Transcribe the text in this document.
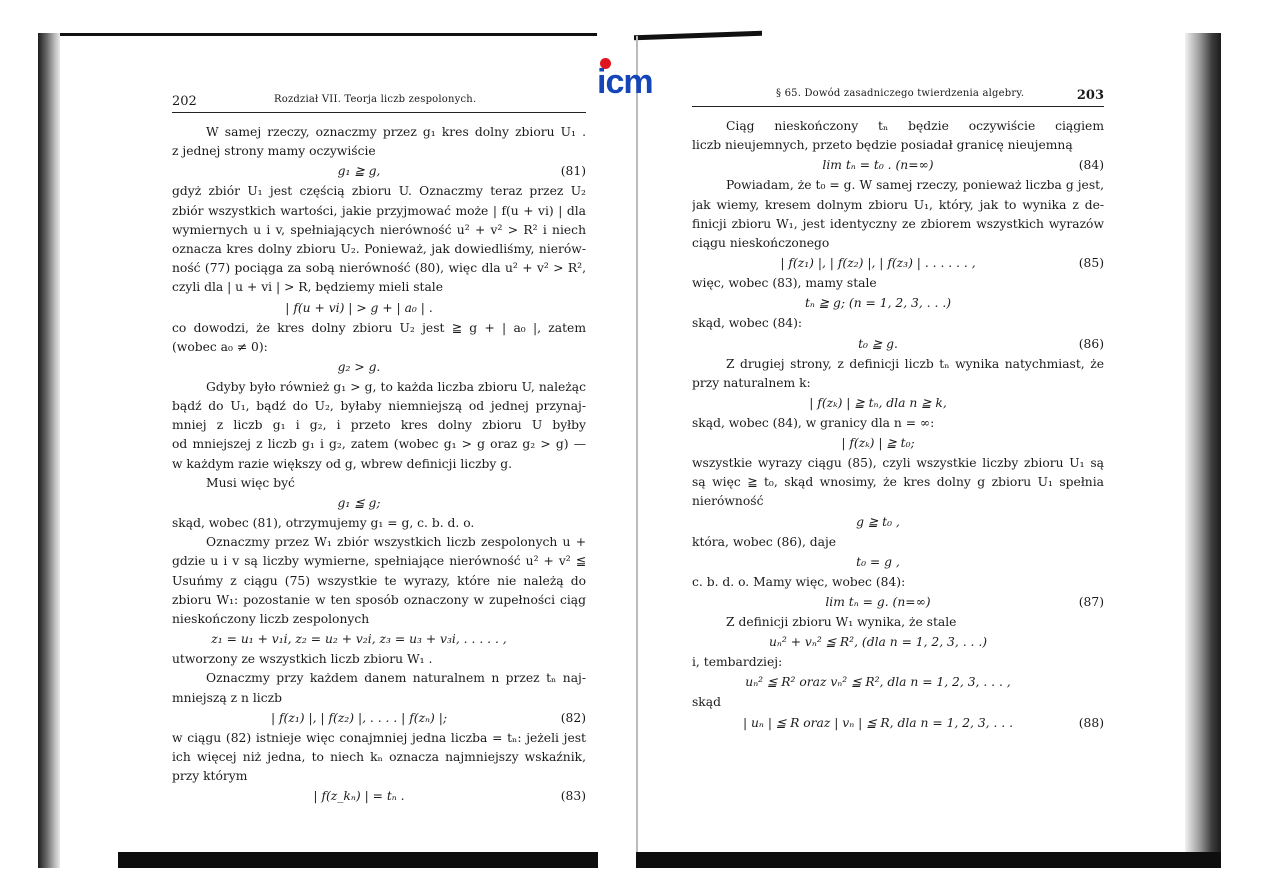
icm
202	Rozdział VII. Teorja liczb zespolonych.
W samej rzeczy, oznaczmy przez g₁ kres dolny zbioru U₁ .
z jednej strony mamy oczywiście
g₁ ≧ g,	(81)
gdyż zbiór U₁ jest częścią zbioru U. Oznaczmy teraz przez U₂
zbiór wszystkich wartości, jakie przyjmować może | f(u + vi) | dla
wymiernych u i v, spełniających nierówność u² + v² > R² i niech
oznacza kres dolny zbioru U₂. Ponieważ, jak dowiedliśmy, nierów-
ność (77) pociąga za sobą nierówność (80), więc dla u² + v² > R²,
czyli dla | u + vi | > R, będziemy mieli stale
| f(u + vi) | > g + | a₀ | .
co dowodzi, że kres dolny zbioru U₂ jest ≧ g + | a₀ |, zatem
(wobec a₀ ≠ 0):
g₂ > g.
Gdyby było również g₁ > g, to każda liczba zbioru U, należąc
bądź do U₁, bądź do U₂, byłaby niemniejszą od jednej przynaj-
mniej z liczb g₁ i g₂, i przeto kres dolny zbioru U byłby
od mniejszej z liczb g₁ i g₂, zatem (wobec g₁ > g oraz g₂ > g) —
w każdym razie większy od g, wbrew definicji liczby g.
Musi więc być
g₁ ≦ g;
skąd, wobec (81), otrzymujemy g₁ = g, c. b. d. o.
Oznaczmy przez W₁ zbiór wszystkich liczb zespolonych u +
gdzie u i v są liczby wymierne, spełniające nierówność u² + v² ≦
Usuńmy z ciągu (75) wszystkie te wyrazy, które nie należą do
zbioru W₁: pozostanie w ten sposób oznaczony w zupełności ciąg
nieskończony liczb zespolonych
z₁ = u₁ + v₁i, z₂ = u₂ + v₂i, z₃ = u₃ + v₃i, . . . . . ,
utworzony ze wszystkich liczb zbioru W₁ .
Oznaczmy przy każdem danem naturalnem n przez tₙ naj-
mniejszą z n liczb
| f(z₁) |, | f(z₂) |, . . . . | f(zₙ) |;	(82)
w ciągu (82) istnieje więc conajmniej jedna liczba = tₙ: jeżeli jest
ich więcej niż jedna, to niech kₙ oznacza najmniejszy wskaźnik,
przy którym
| f(z_kₙ) | = tₙ .	(83)
§ 65. Dowód zasadniczego twierdzenia algebry.	203
Ciąg nieskończony tₙ będzie oczywiście ciągiem
liczb nieujemnych, przeto będzie posiadał granicę nieujemną
lim tₙ = t₀ . (n=∞)	(84)
Powiadam, że t₀ = g. W samej rzeczy, ponieważ liczba g jest,
jak wiemy, kresem dolnym zbioru U₁, który, jak to wynika z de-
finicji zbioru W₁, jest identyczny ze zbiorem wszystkich wyrazów
ciągu nieskończonego
| f(z₁) |, | f(z₂) |, | f(z₃) | . . . . . . ,	(85)
więc, wobec (83), mamy stale
tₙ ≧ g; (n = 1, 2, 3, . . .)
skąd, wobec (84):
t₀ ≧ g.	(86)
Z drugiej strony, z definicji liczb tₙ wynika natychmiast, że
przy naturalnem k:
| f(zₖ) | ≧ tₙ, dla n ≧ k,
skąd, wobec (84), w granicy dla n = ∞:
| f(zₖ) | ≧ t₀;
wszystkie wyrazy ciągu (85), czyli wszystkie liczby zbioru U₁ są
są więc ≧ t₀, skąd wnosimy, że kres dolny g zbioru U₁ spełnia
nierówność
g ≧ t₀ ,
która, wobec (86), daje
t₀ = g ,
c. b. d. o. Mamy więc, wobec (84):
lim tₙ = g. (n=∞)	(87)
Z definicji zbioru W₁ wynika, że stale
uₙ² + vₙ² ≦ R², (dla n = 1, 2, 3, . . .)
i, tembardziej:
uₙ² ≦ R² oraz vₙ² ≦ R², dla n = 1, 2, 3, . . . ,
skąd
| uₙ | ≦ R oraz | vₙ | ≦ R, dla n = 1, 2, 3, . . .	(88)
